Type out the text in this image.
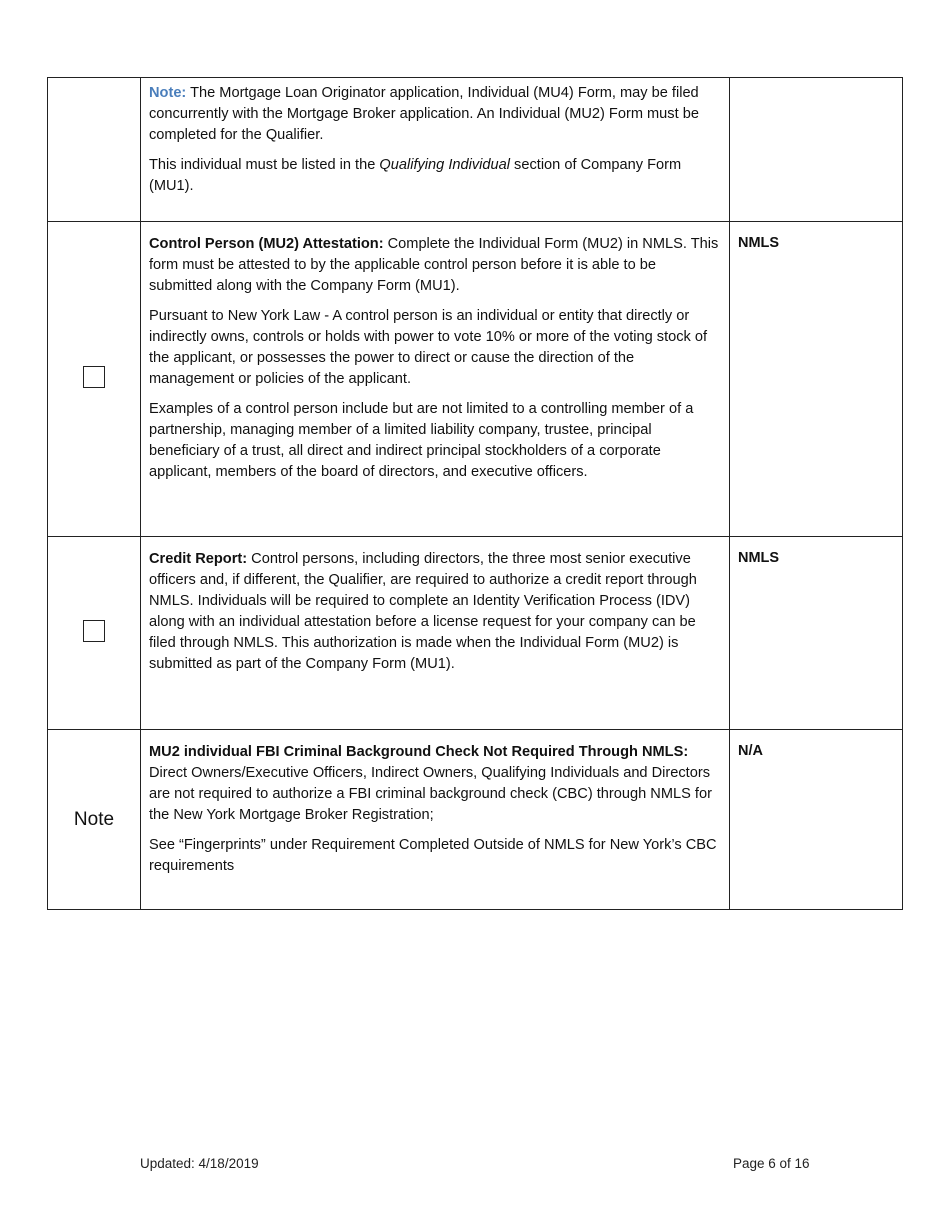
	Note: The Mortgage Loan Originator application, Individual (MU4) Form, may be filed concurrently with the Mortgage Broker application. An Individual (MU2) Form must be completed for the Qualifier.

This individual must be listed in the Qualifying Individual section of Company Form (MU1).	

	Control Person (MU2) Attestation: Complete the Individual Form (MU2) in NMLS. This form must be attested to by the applicable control person before it is able to be submitted along with the Company Form (MU1).

Pursuant to New York Law - A control person is an individual or entity that directly or indirectly owns, controls or holds with power to vote 10% or more of the voting stock of the applicant, or possesses the power to direct or cause the direction of the management or policies of the applicant.

Examples of a control person include but are not limited to a controlling member of a partnership, managing member of a limited liability company, trustee, principal beneficiary of a trust, all direct and indirect principal stockholders of a corporate applicant, members of the board of directors, and executive officers.	NMLS

	Credit Report: Control persons, including directors, the three most senior executive officers and, if different, the Qualifier, are required to authorize a credit report through NMLS. Individuals will be required to complete an Identity Verification Process (IDV) along with an individual attestation before a license request for your company can be filed through NMLS. This authorization is made when the Individual Form (MU2) is submitted as part of the Company Form (MU1).	NMLS
Note	MU2 individual FBI Criminal Background Check Not Required Through NMLS: Direct Owners/Executive Officers, Indirect Owners, Qualifying Individuals and Directors are not required to authorize a FBI criminal background check (CBC) through NMLS for the New York Mortgage Broker Registration;

See “Fingerprints” under Requirement Completed Outside of NMLS for New York’s CBC requirements	N/A
Updated: 4/18/2019	Page 6 of 16
